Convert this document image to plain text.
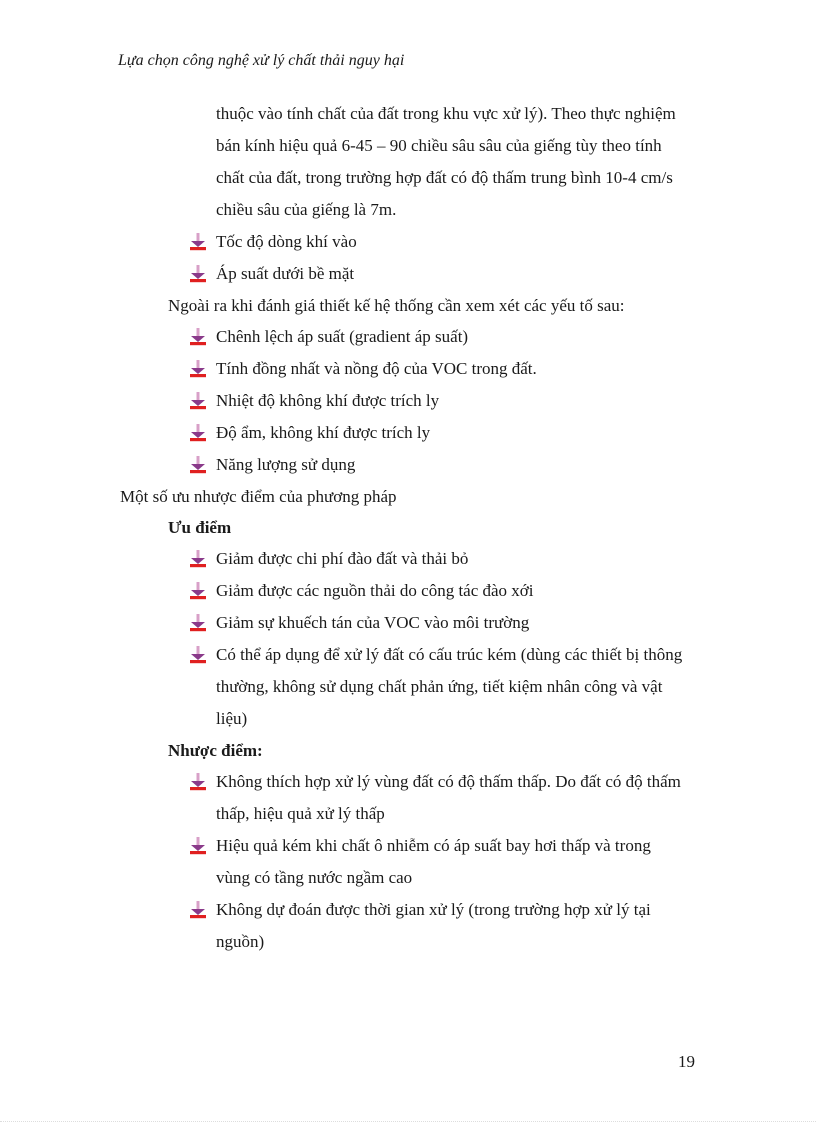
Lựa chọn công nghệ xử lý chất thải nguy hại
thuộc vào tính chất của đất trong khu vực xử lý). Theo thực nghiệm
bán kính hiệu quả 6-45 – 90 chiều sâu sâu của giếng tùy theo tính
chất của đất, trong trường hợp đất có độ thấm trung bình 10-4 cm/s
chiều sâu của giếng là 7m.
Tốc độ dòng khí vào
Áp suất dưới bề mặt
Ngoài ra khi đánh giá thiết kế hệ thống cần xem xét các yếu tố sau:
Chênh lệch áp suất (gradient áp suất)
Tính đồng nhất và nồng độ của VOC trong đất.
Nhiệt độ không khí được trích ly
Độ ẩm, không khí được trích ly
Năng lượng sử dụng
Một số ưu nhược điểm của phương pháp
Ưu điểm
Giảm được chi phí đào đất và thải bỏ
Giảm được các nguồn thải do công tác đào xới
Giảm sự khuếch tán của VOC vào môi trường
Có thể áp dụng để xử lý đất có cấu trúc kém (dùng các thiết bị thông
thường, không sử dụng chất phản ứng, tiết kiệm nhân công và vật
liệu)
Nhược điểm:
Không thích hợp xử lý vùng đất có độ thấm thấp. Do đất có độ thấm
thấp, hiệu quả xử lý thấp
Hiệu quả kém khi chất ô nhiễm có áp suất bay hơi thấp và trong
vùng có tầng nước ngầm cao
Không dự đoán được thời gian xử lý (trong trường hợp xử lý tại
nguồn)
19
